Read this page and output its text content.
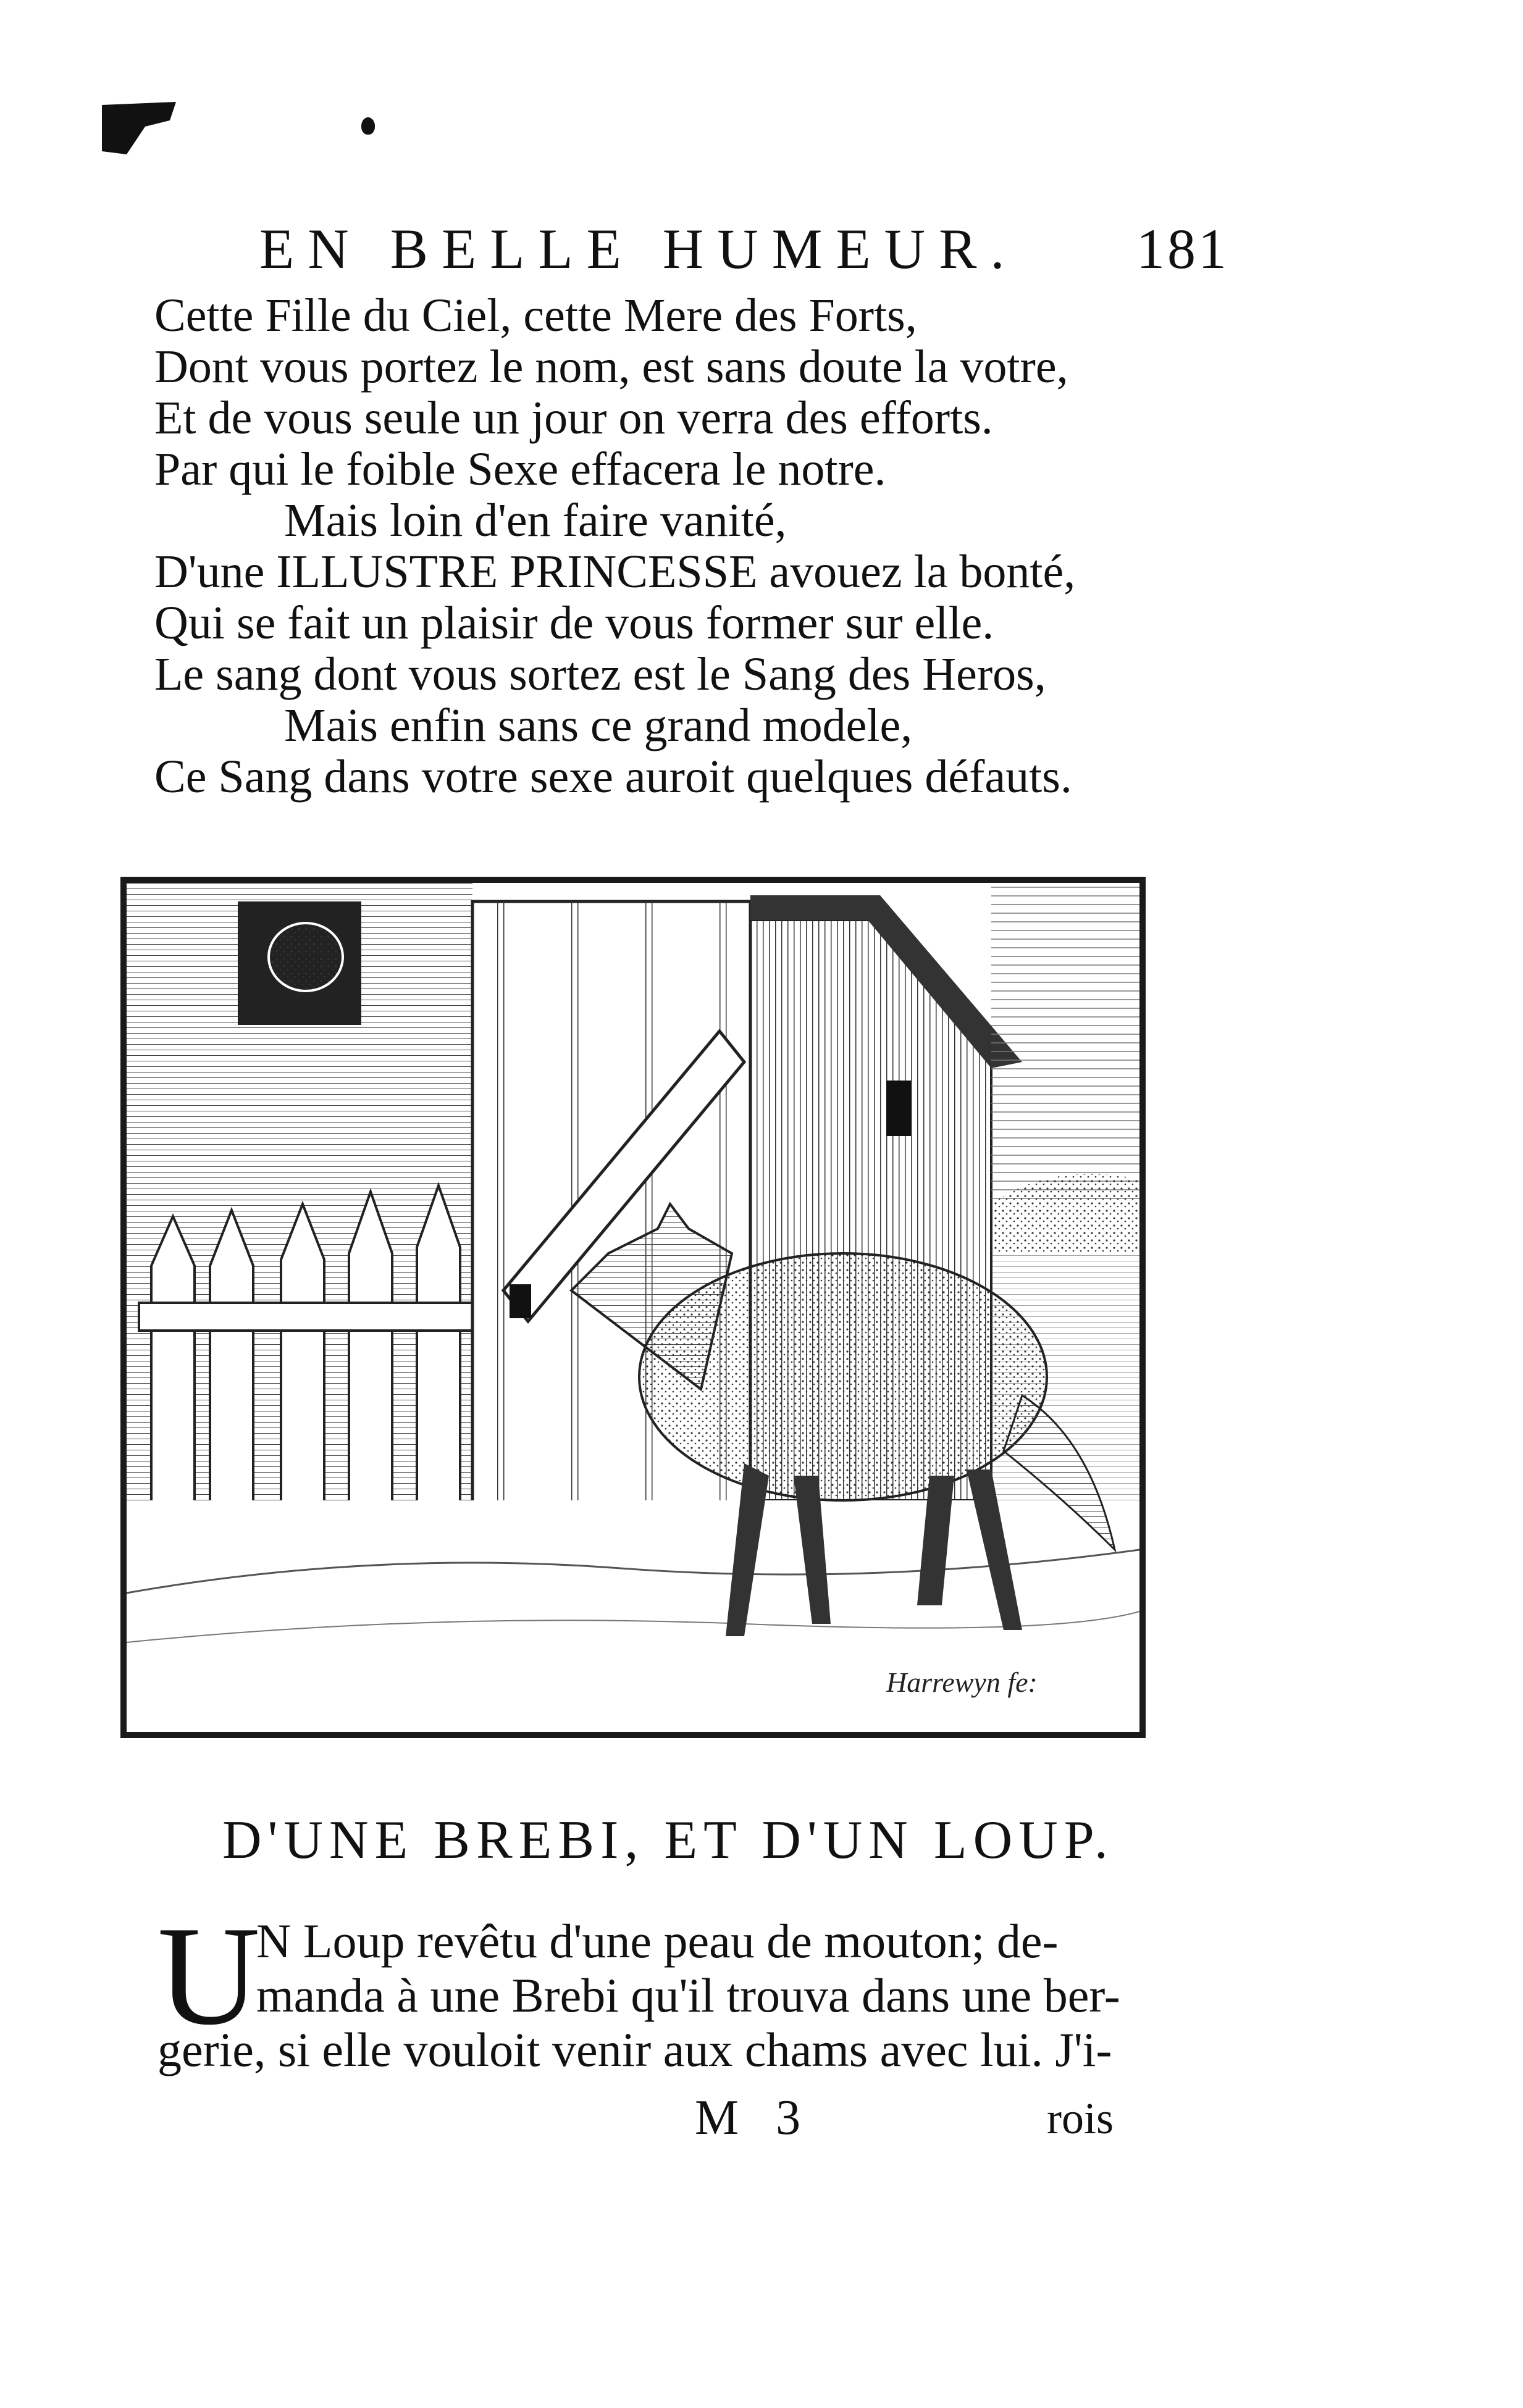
EN BELLE HUMEUR. 181
Cette Fille du Ciel, cette Mere des Forts,
Dont vous portez le nom, est sans doute la votre,
Et de vous seule un jour on verra des efforts.
Par qui le foible Sexe effacera le notre.
Mais loin d'en faire vanité,
D'une ILLUSTRE PRINCESSE avouez la bonté,
Qui se fait un plaisir de vous former sur elle.
Le sang dont vous sortez est le Sang des Heros,
Mais enfin sans ce grand modele,
Ce Sang dans votre sexe auroit quelques défauts.
Harrewyn fe:
D'UNE BREBI, ET D'UN LOUP.
U
N Loup revêtu d'une peau de mouton; de-
manda à une Brebi qu'il trouva dans une ber-
gerie, si elle vouloit venir aux chams avec lui. J'i-
M 3	rois
